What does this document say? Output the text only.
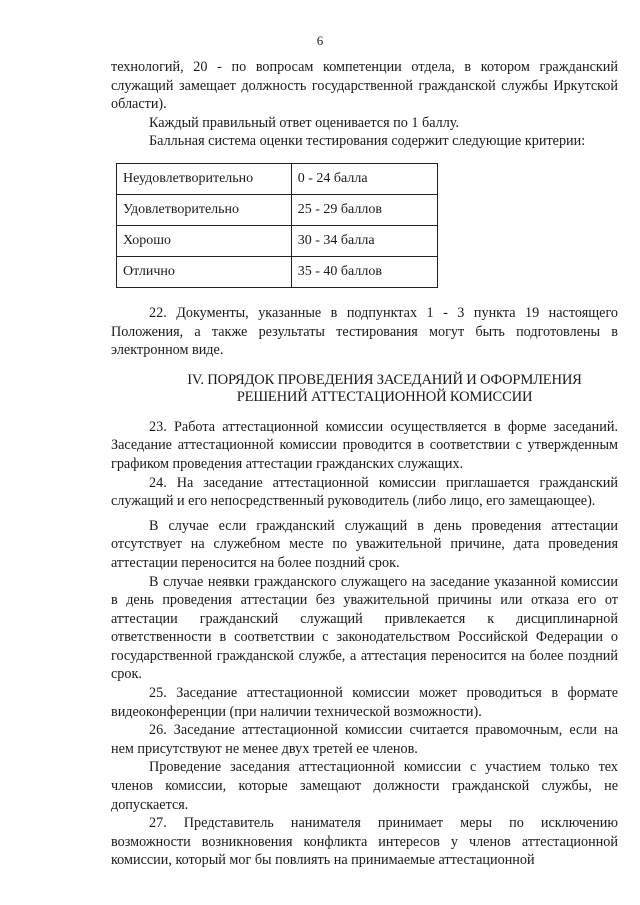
6

технологий, 20 - по вопросам компетенции отдела, в котором гражданский служащий замещает должность государственной гражданской службы Иркутской области).

Каждый правильный ответ оценивается по 1 баллу.

Балльная система оценки тестирования содержит следующие критерии:

Неудовлетворительно	0 - 24 балла
Удовлетворительно	25 - 29 баллов
Хорошо	30 - 34 балла
Отлично	35 - 40 баллов

22. Документы, указанные в подпунктах 1 - 3 пункта 19 настоящего Положения, а также результаты тестирования могут быть подготовлены в электронном виде.

IV. ПОРЯДОК ПРОВЕДЕНИЯ ЗАСЕДАНИЙ И ОФОРМЛЕНИЯ
РЕШЕНИЙ АТТЕСТАЦИОННОЙ КОМИССИИ

23. Работа аттестационной комиссии осуществляется в форме заседаний. Заседание аттестационной комиссии проводится в соответствии с утвержденным графиком проведения аттестации гражданских служащих.

24. На заседание аттестационной комиссии приглашается гражданский служащий и его непосредственный руководитель (либо лицо, его замещающее).

В случае если гражданский служащий в день проведения аттестации отсутствует на служебном месте по уважительной причине, дата проведения аттестации переносится на более поздний срок.

В случае неявки гражданского служащего на заседание указанной комиссии в день проведения аттестации без уважительной причины или отказа его от аттестации гражданский служащий привлекается к дисциплинарной ответственности в соответствии с законодательством Российской Федерации о государственной гражданской службе, а аттестация переносится на более поздний срок.

25. Заседание аттестационной комиссии может проводиться в формате видеоконференции (при наличии технической возможности).

26. Заседание аттестационной комиссии считается правомочным, если на нем присутствуют не менее двух третей ее членов.

Проведение заседания аттестационной комиссии с участием только тех членов комиссии, которые замещают должности гражданской службы, не допускается.

27. Представитель нанимателя принимает меры по исключению возможности возникновения конфликта интересов у членов аттестационной комиссии, который мог бы повлиять на принимаемые аттестационной
